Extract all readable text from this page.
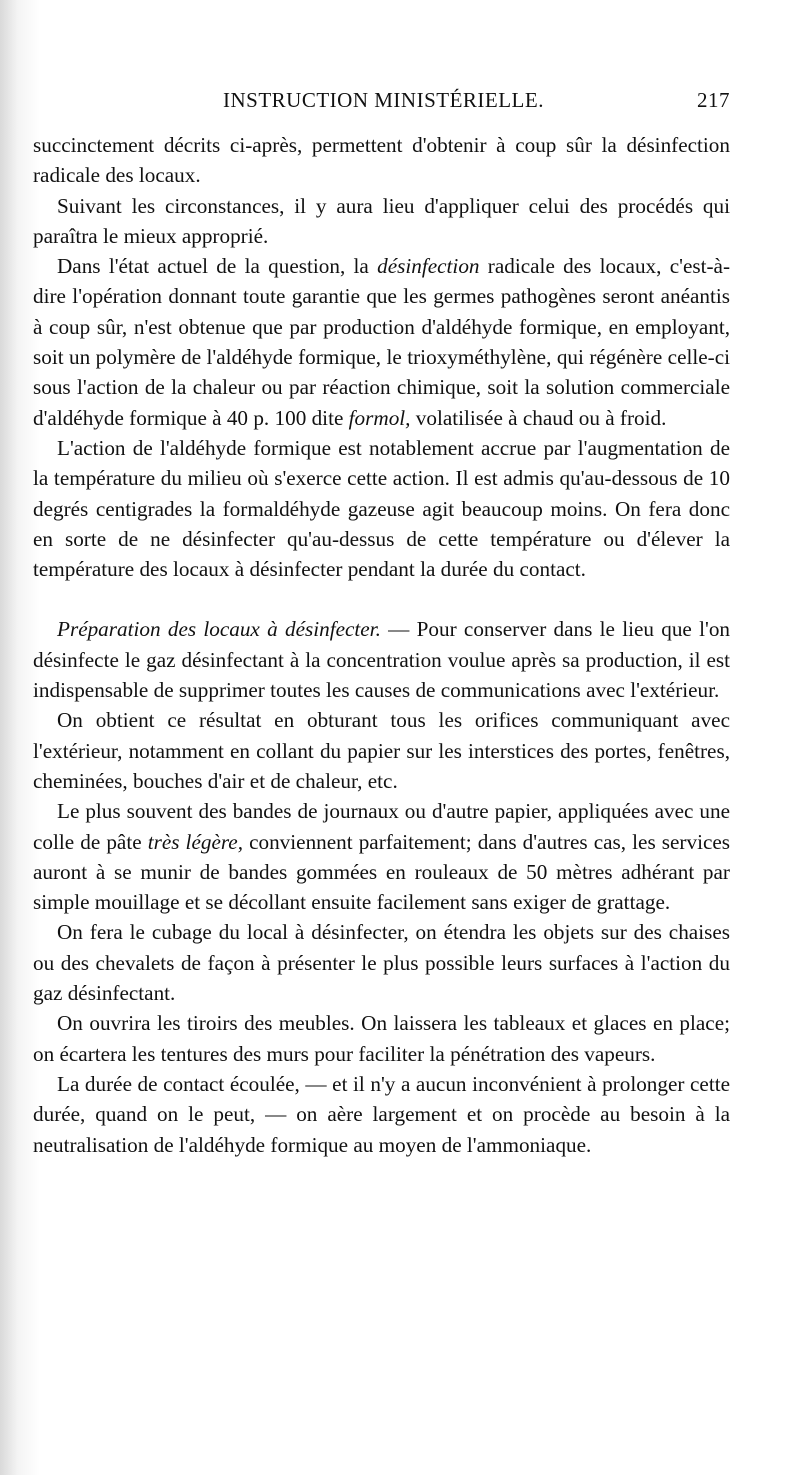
INSTRUCTION MINISTÉRIELLE.	217

succinctement décrits ci-après, permettent d'obtenir à coup sûr la désinfection radicale des locaux.

Suivant les circonstances, il y aura lieu d'appliquer celui des procédés qui paraîtra le mieux approprié.

Dans l'état actuel de la question, la désinfection radicale des locaux, c'est-à-dire l'opération donnant toute garantie que les germes pathogènes seront anéantis à coup sûr, n'est obtenue que par production d'aldéhyde formique, en employant, soit un polymère de l'aldéhyde formique, le trioxyméthylène, qui régénère celle-ci sous l'action de la chaleur ou par réaction chimique, soit la solution commerciale d'aldéhyde formique à 40 p. 100 dite formol, volatilisée à chaud ou à froid.

L'action de l'aldéhyde formique est notablement accrue par l'augmentation de la température du milieu où s'exerce cette action. Il est admis qu'au-dessous de 10 degrés centigrades la formaldéhyde gazeuse agit beaucoup moins. On fera donc en sorte de ne désinfecter qu'au-dessus de cette température ou d'élever la température des locaux à désinfecter pendant la durée du contact.

Préparation des locaux à désinfecter. — Pour conserver dans le lieu que l'on désinfecte le gaz désinfectant à la concentration voulue après sa production, il est indispensable de supprimer toutes les causes de communications avec l'extérieur.

On obtient ce résultat en obturant tous les orifices communiquant avec l'extérieur, notamment en collant du papier sur les interstices des portes, fenêtres, cheminées, bouches d'air et de chaleur, etc.

Le plus souvent des bandes de journaux ou d'autre papier, appliquées avec une colle de pâte très légère, conviennent parfaitement; dans d'autres cas, les services auront à se munir de bandes gommées en rouleaux de 50 mètres adhérant par simple mouillage et se décollant ensuite facilement sans exiger de grattage.

On fera le cubage du local à désinfecter, on étendra les objets sur des chaises ou des chevalets de façon à présenter le plus possible leurs surfaces à l'action du gaz désinfectant.

On ouvrira les tiroirs des meubles. On laissera les tableaux et glaces en place; on écartera les tentures des murs pour faciliter la pénétration des vapeurs.

La durée de contact écoulée, — et il n'y a aucun inconvénient à prolonger cette durée, quand on le peut, — on aère largement et on procède au besoin à la neutralisation de l'aldéhyde formique au moyen de l'ammoniaque.
